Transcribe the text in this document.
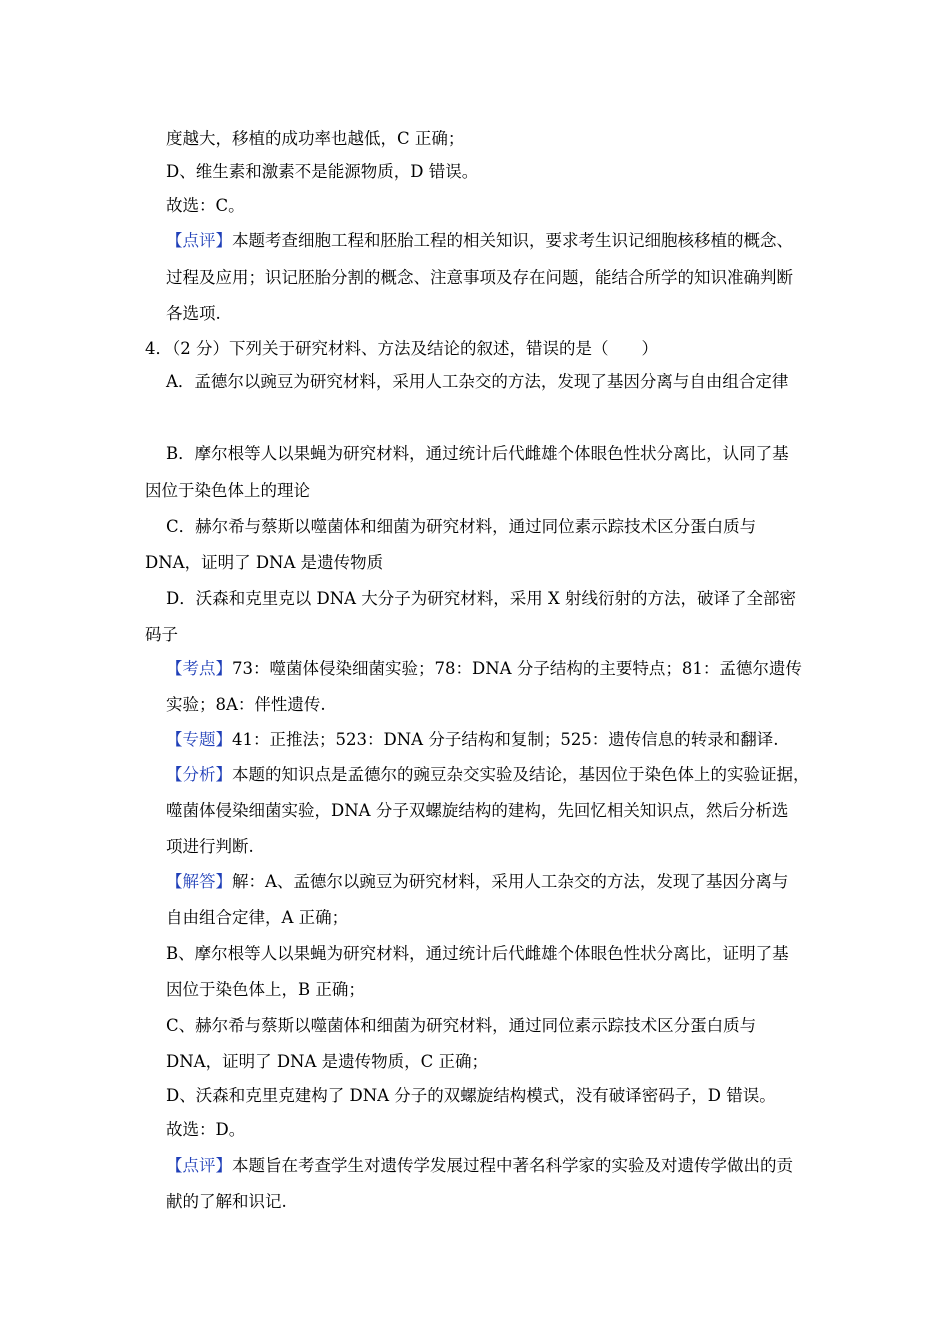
度越大，移植的成功率也越低，C 正确；
D、维生素和激素不是能源物质，D 错误。
故选：C。
【点评】本题考查细胞工程和胚胎工程的相关知识，要求考生识记细胞核移植的概念、
过程及应用；识记胚胎分割的概念、注意事项及存在问题，能结合所学的知识准确判断
各选项.
4．（2 分）下列关于研究材料、方法及结论的叙述，错误的是（　　）
A．孟德尔以豌豆为研究材料，采用人工杂交的方法，发现了基因分离与自由组合定律
B．摩尔根等人以果蝇为研究材料，通过统计后代雌雄个体眼色性状分离比，认同了基
因位于染色体上的理论
C．赫尔希与蔡斯以噬菌体和细菌为研究材料，通过同位素示踪技术区分蛋白质与
DNA，证明了 DNA 是遗传物质
D．沃森和克里克以 DNA 大分子为研究材料，采用 X 射线衍射的方法，破译了全部密
码子
【考点】73：噬菌体侵染细菌实验；78：DNA 分子结构的主要特点；81：孟德尔遗传
实验；8A：伴性遗传.
【专题】41：正推法；523：DNA 分子结构和复制；525：遗传信息的转录和翻译.
【分析】本题的知识点是孟德尔的豌豆杂交实验及结论，基因位于染色体上的实验证据，
噬菌体侵染细菌实验，DNA 分子双螺旋结构的建构，先回忆相关知识点，然后分析选
项进行判断.
【解答】解：A、孟德尔以豌豆为研究材料，采用人工杂交的方法，发现了基因分离与
自由组合定律，A 正确；
B、摩尔根等人以果蝇为研究材料，通过统计后代雌雄个体眼色性状分离比，证明了基
因位于染色体上，B 正确；
C、赫尔希与蔡斯以噬菌体和细菌为研究材料，通过同位素示踪技术区分蛋白质与
DNA，证明了 DNA 是遗传物质，C 正确；
D、沃森和克里克建构了 DNA 分子的双螺旋结构模式，没有破译密码子，D 错误。
故选：D。
【点评】本题旨在考查学生对遗传学发展过程中著名科学家的实验及对遗传学做出的贡
献的了解和识记.
